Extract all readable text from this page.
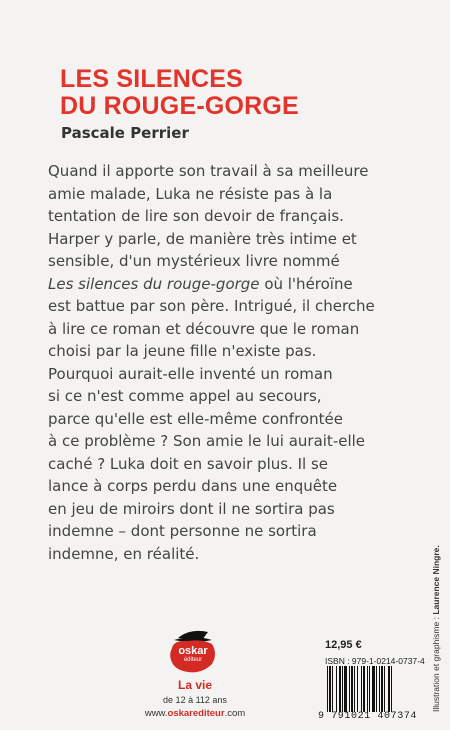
LES SILENCES
DU ROUGE-GORGE
Pascale Perrier
Quand il apporte son travail à sa meilleure
amie malade, Luka ne résiste pas à la
tentation de lire son devoir de français.
Harper y parle, de manière très intime et
sensible, d'un mystérieux livre nommé
Les silences du rouge-gorge où l'héroïne
est battue par son père. Intrigué, il cherche
à lire ce roman et découvre que le roman
choisi par la jeune fille n'existe pas.
Pourquoi aurait-elle inventé un roman
si ce n'est comme appel au secours,
parce qu'elle est elle-même confrontée
à ce problème ? Son amie le lui aurait-elle
caché ? Luka doit en savoir plus. Il se
lance à corps perdu dans une enquête
en jeu de miroirs dont il ne sortira pas
indemne – dont personne ne sortira
indemne, en réalité.
Illustration et graphisme : Laurence Ningre.
oskar
éditeur
La vie
de 12 à 112 ans
www.oskarediteur.com
12,95 €
ISBN : 979-1-0214-0737-4
9 791021 407374
